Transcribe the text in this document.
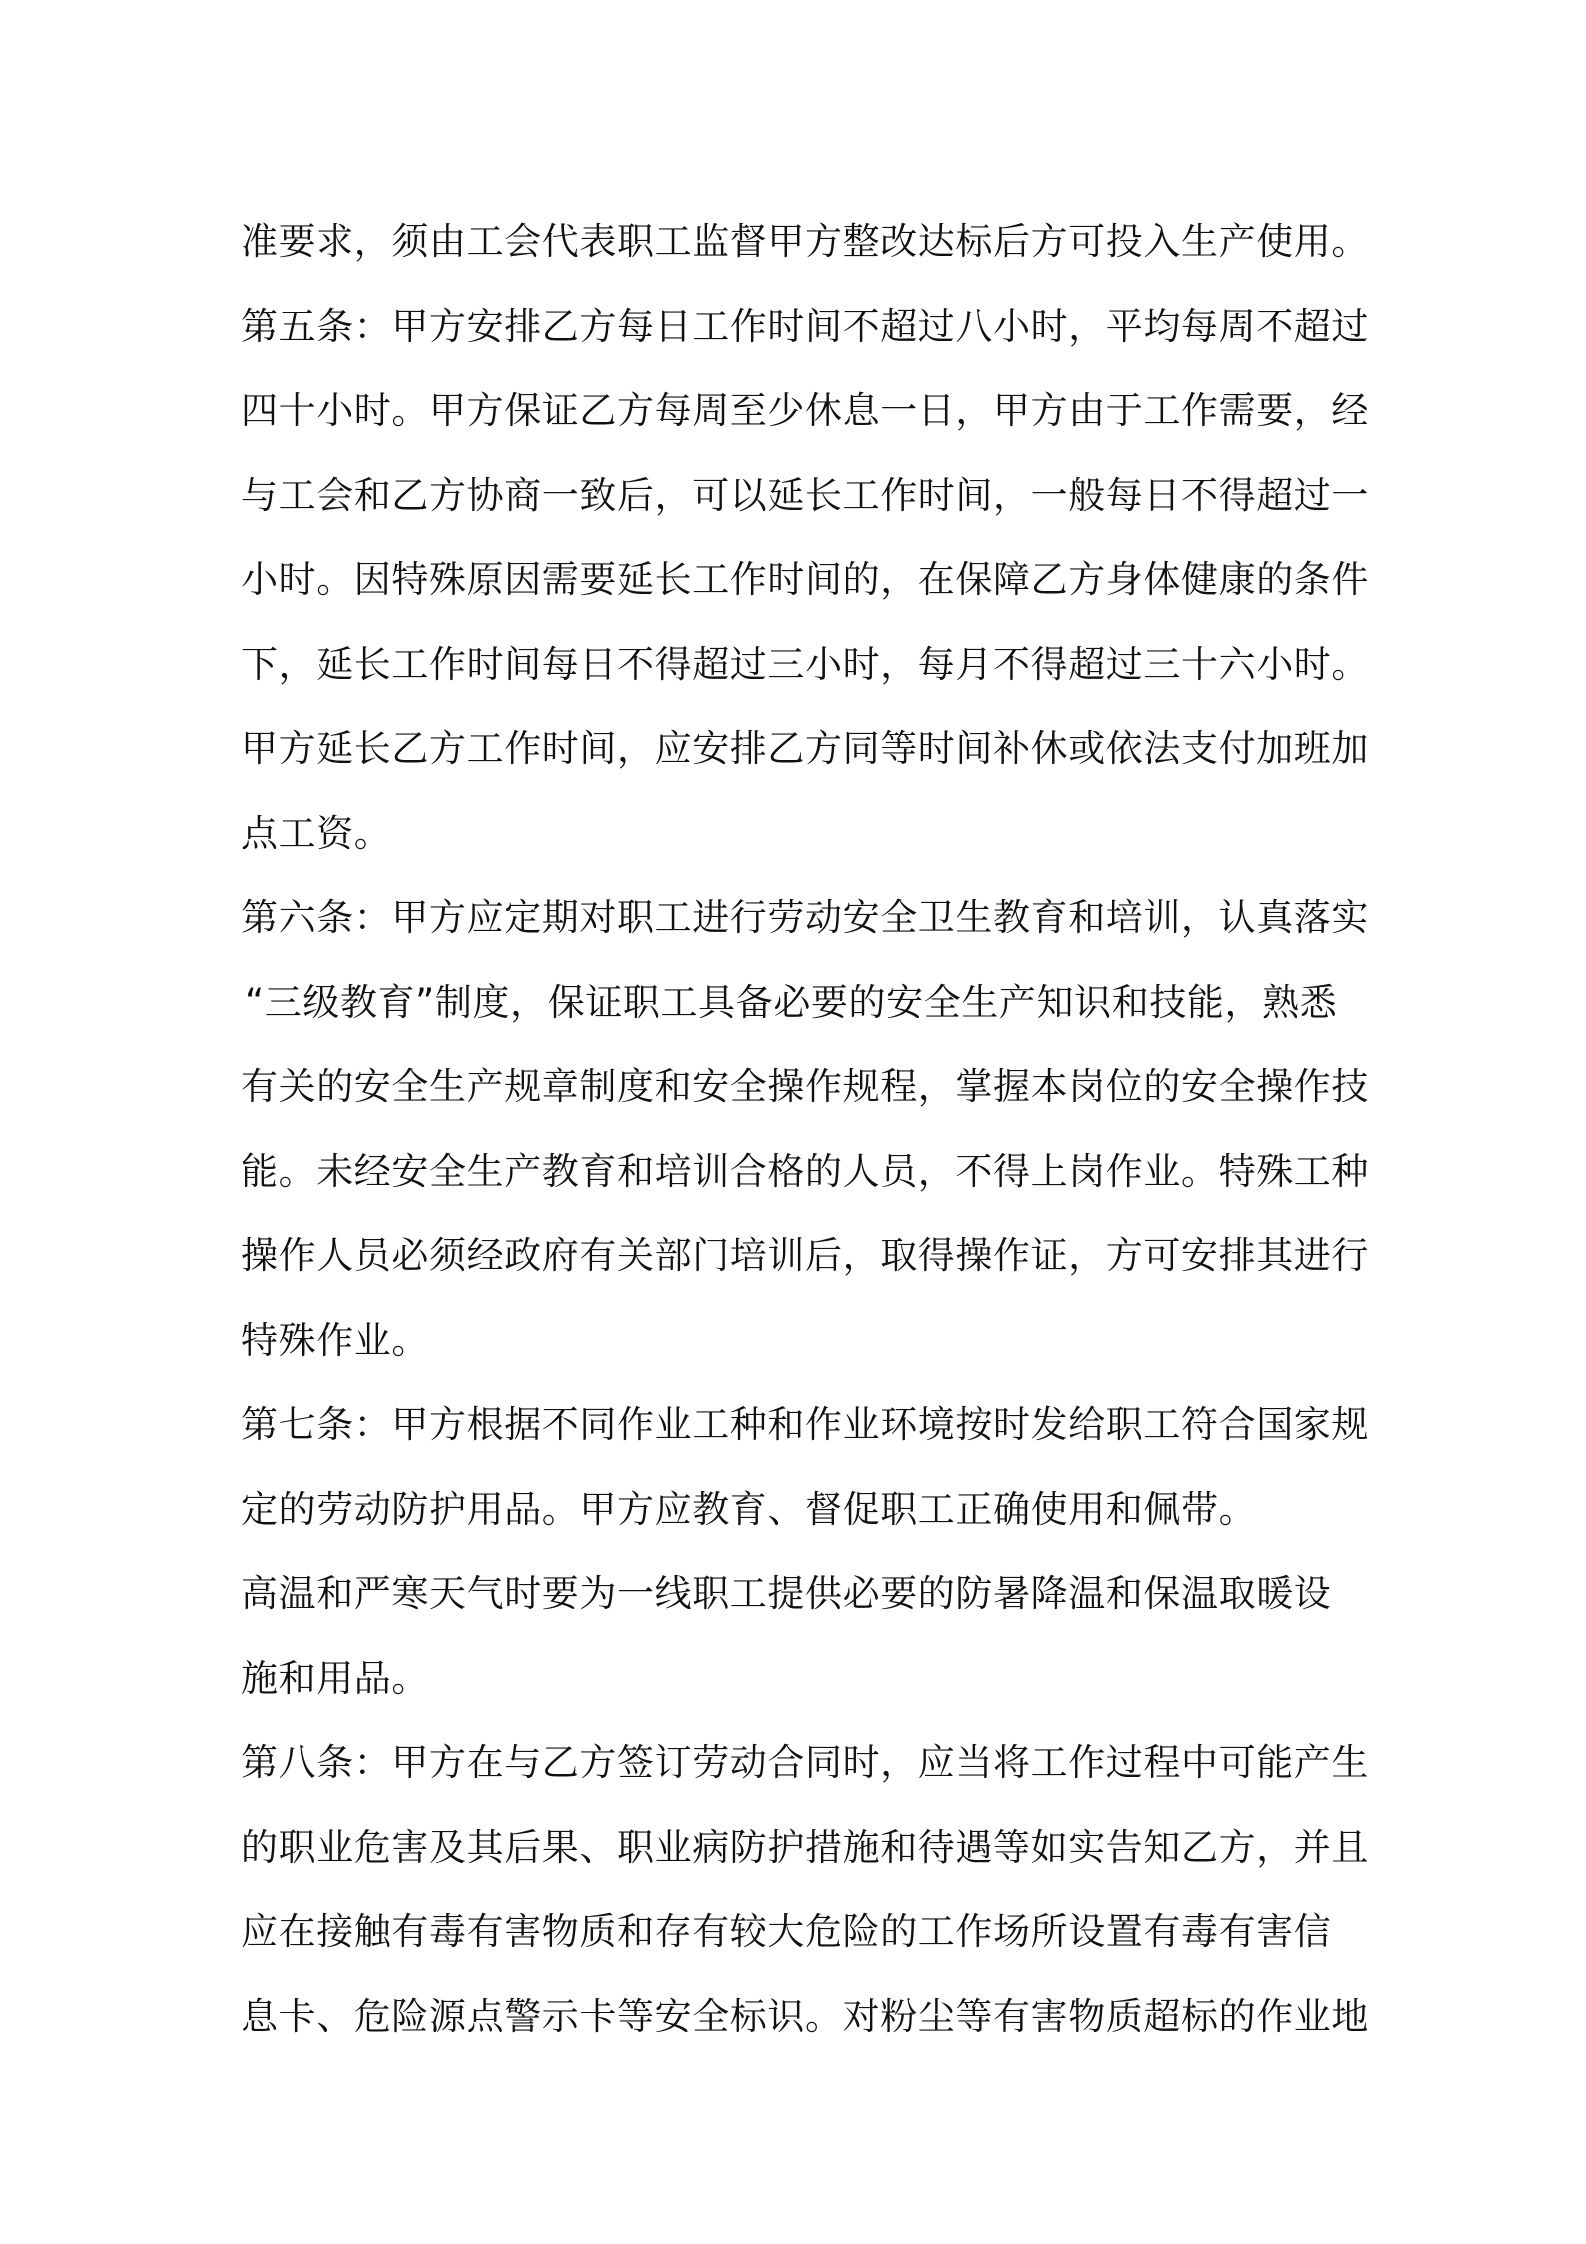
准要求，须由工会代表职工监督甲方整改达标后方可投入生产使用。
第五条：甲方安排乙方每日工作时间不超过八小时，平均每周不超过
四十小时。甲方保证乙方每周至少休息一日，甲方由于工作需要，经
与工会和乙方协商一致后，可以延长工作时间，一般每日不得超过一
小时。因特殊原因需要延长工作时间的，在保障乙方身体健康的条件
下，延长工作时间每日不得超过三小时，每月不得超过三十六小时。
甲方延长乙方工作时间，应安排乙方同等时间补休或依法支付加班加
点工资。
第六条：甲方应定期对职工进行劳动安全卫生教育和培训，认真落实
“三级教育”制度，保证职工具备必要的安全生产知识和技能，熟悉
有关的安全生产规章制度和安全操作规程，掌握本岗位的安全操作技
能。未经安全生产教育和培训合格的人员，不得上岗作业。特殊工种
操作人员必须经政府有关部门培训后，取得操作证，方可安排其进行
特殊作业。
第七条：甲方根据不同作业工种和作业环境按时发给职工符合国家规
定的劳动防护用品。甲方应教育、督促职工正确使用和佩带。
高温和严寒天气时要为一线职工提供必要的防暑降温和保温取暖设
施和用品。
第八条：甲方在与乙方签订劳动合同时，应当将工作过程中可能产生
的职业危害及其后果、职业病防护措施和待遇等如实告知乙方，并且
应在接触有毒有害物质和存有较大危险的工作场所设置有毒有害信
息卡、危险源点警示卡等安全标识。对粉尘等有害物质超标的作业地
